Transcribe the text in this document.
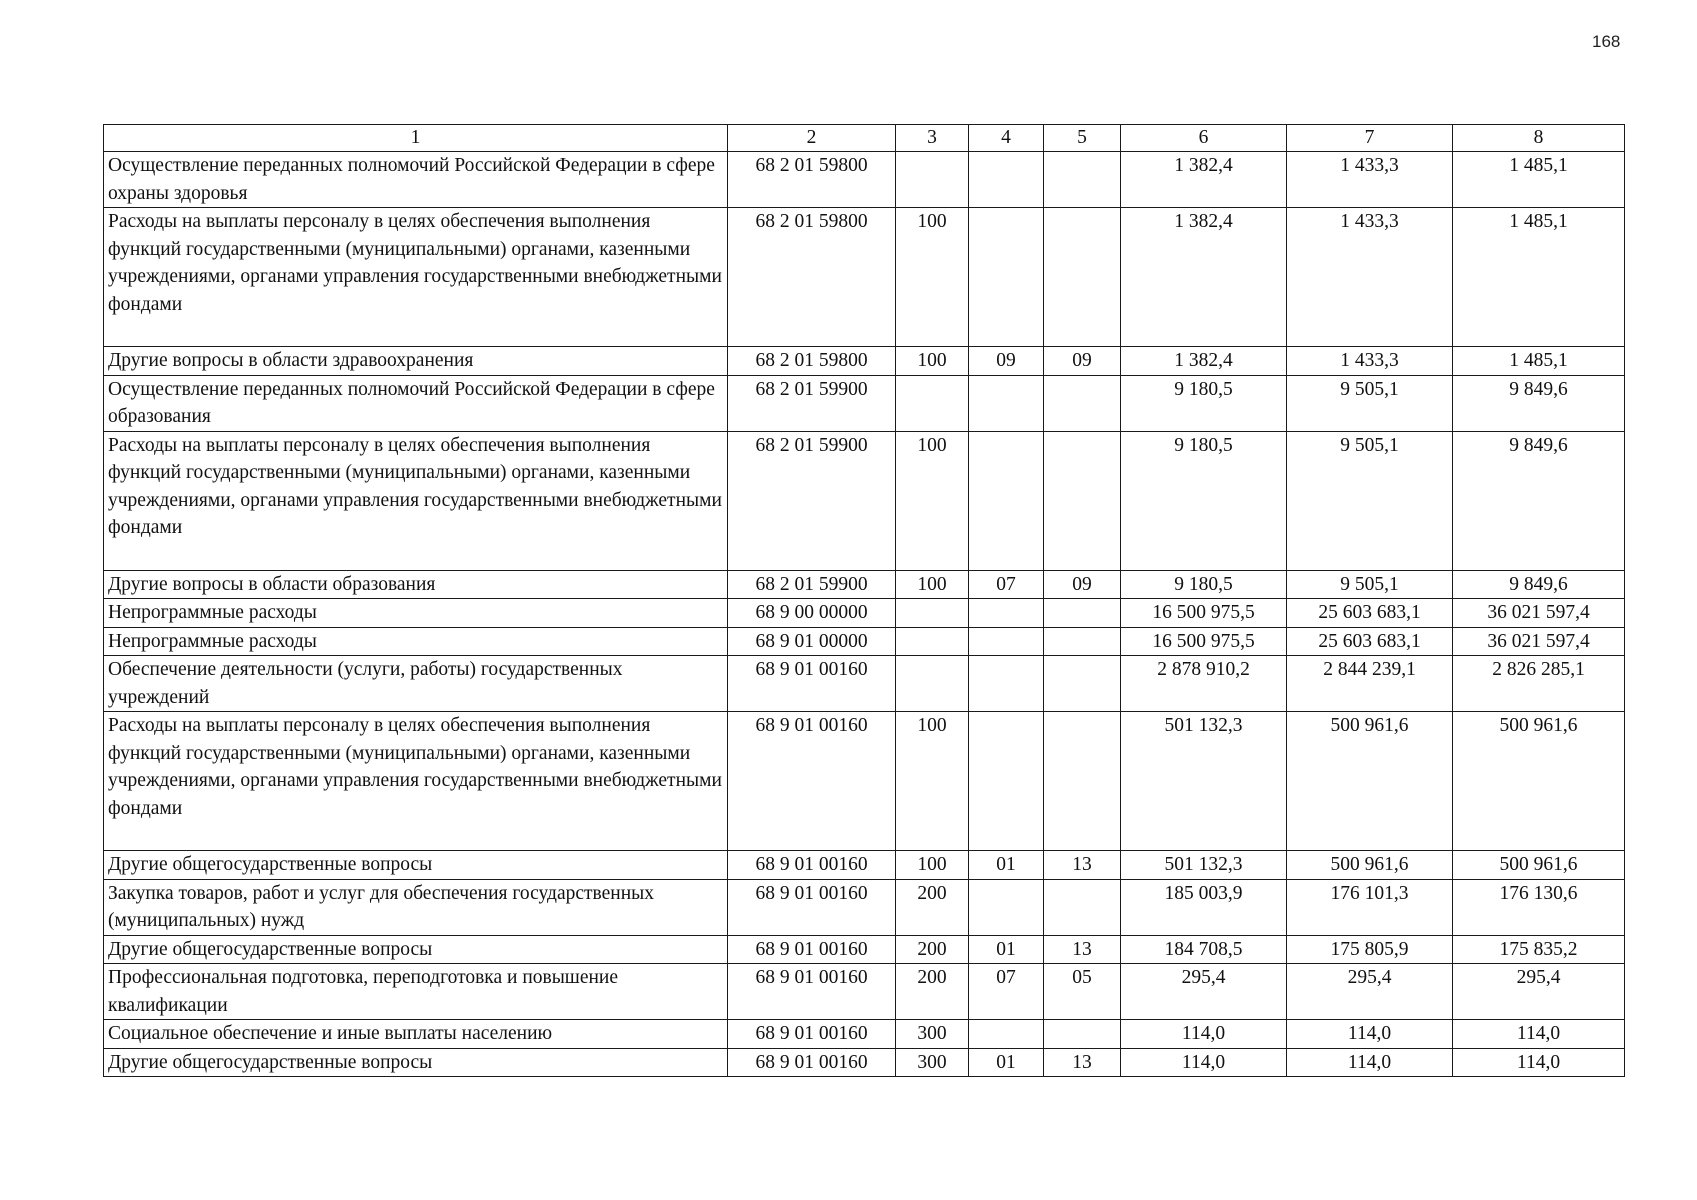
168
1	2	3	4	5	6	7	8
Осуществление переданных полномочий Российской Федерации в сфере охраны здоровья	68 2 01 59800				1 382,4	1 433,3	1 485,1
Расходы на выплаты персоналу в целях обеспечения выполнения функций государственными (муниципальными) органами, казенными учреждениями, органами управления государственными внебюджетными фондами	68 2 01 59800	100			1 382,4	1 433,3	1 485,1
Другие вопросы в области здравоохранения	68 2 01 59800	100	09	09	1 382,4	1 433,3	1 485,1
Осуществление переданных полномочий Российской Федерации в сфере образования	68 2 01 59900				9 180,5	9 505,1	9 849,6
Расходы на выплаты персоналу в целях обеспечения выполнения функций государственными (муниципальными) органами, казенными учреждениями, органами управления государственными внебюджетными фондами	68 2 01 59900	100			9 180,5	9 505,1	9 849,6
Другие вопросы в области образования	68 2 01 59900	100	07	09	9 180,5	9 505,1	9 849,6
Непрограммные расходы	68 9 00 00000				16 500 975,5	25 603 683,1	36 021 597,4
Непрограммные расходы	68 9 01 00000				16 500 975,5	25 603 683,1	36 021 597,4
Обеспечение деятельности (услуги, работы) государственных учреждений	68 9 01 00160				2 878 910,2	2 844 239,1	2 826 285,1
Расходы на выплаты персоналу в целях обеспечения выполнения функций государственными (муниципальными) органами, казенными учреждениями, органами управления государственными внебюджетными фондами	68 9 01 00160	100			501 132,3	500 961,6	500 961,6
Другие общегосударственные вопросы	68 9 01 00160	100	01	13	501 132,3	500 961,6	500 961,6
Закупка товаров, работ и услуг для обеспечения государственных (муниципальных) нужд	68 9 01 00160	200			185 003,9	176 101,3	176 130,6
Другие общегосударственные вопросы	68 9 01 00160	200	01	13	184 708,5	175 805,9	175 835,2
Профессиональная подготовка, переподготовка и повышение квалификации	68 9 01 00160	200	07	05	295,4	295,4	295,4
Социальное обеспечение и иные выплаты населению	68 9 01 00160	300			114,0	114,0	114,0
Другие общегосударственные вопросы	68 9 01 00160	300	01	13	114,0	114,0	114,0
